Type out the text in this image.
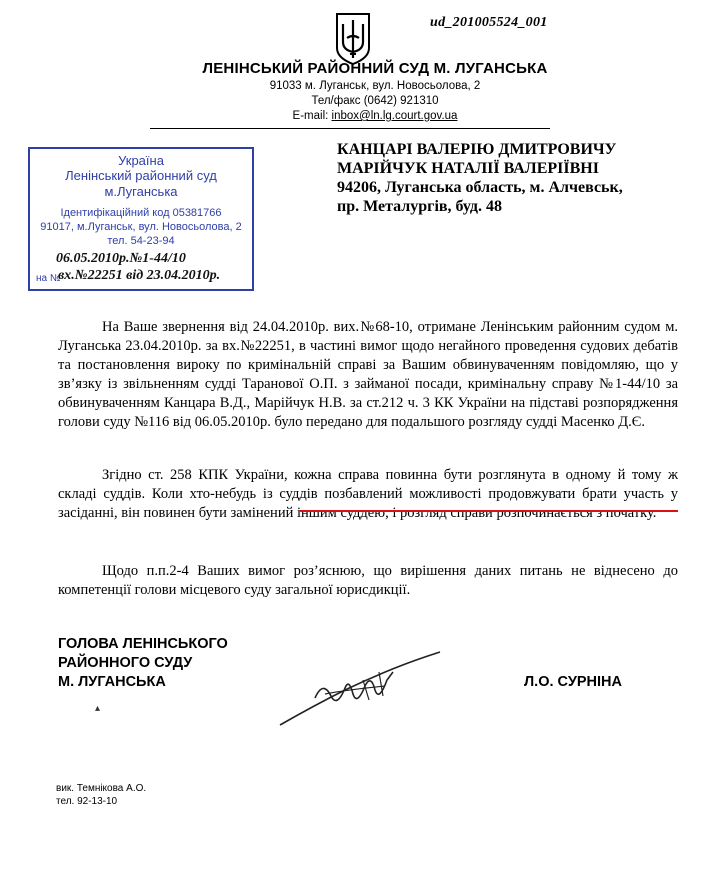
ud_201005524_001
ЛЕНІНСЬКИЙ РАЙОННИЙ СУД М. ЛУГАНСЬКА
91033 м. Луганськ, вул. Новосьолова, 2
Тел/факс (0642) 921310
E-mail: inbox@ln.lg.court.gov.ua
Україна
Ленінський районний суд
м.Луганська
Ідентифікаційний код 05381766
91017, м.Луганськ, вул. Новосьолова, 2
тел. 54-23-94
06.05.2010р.№1-44/10
на №
вх.№22251 від 23.04.2010р.
КАНЦАРІ ВАЛЕРІЮ ДМИТРОВИЧУ
МАРІЙЧУК НАТАЛІЇ ВАЛЕРІЇВНІ
94206, Луганська область, м. Алчевськ,
пр. Металургів, буд. 48
На Ваше звернення від 24.04.2010р. вих.№68-10, отримане Ленінським районним судом м. Луганська 23.04.2010р. за вх.№22251, в частині вимог щодо негайного проведення судових дебатів та постановлення вироку по кримінальній справі за Вашим обвинуваченням повідомляю, що у зв’язку із звільненням судді Таранової О.П. з займаної посади, кримінальну справу №1-44/10 за обвинуваченням Канцара В.Д., Марійчук Н.В. за ст.212 ч. 3 КК України на підставі розпорядження голови суду №116 від 06.05.2010р. було передано для подальшого розгляду судді Масенко Д.Є.
Згідно ст. 258 КПК України, кожна справа повинна бути розглянута в одному й тому ж складі суддів. Коли хто-небудь із суддів позбавлений можливості продовжувати брати участь у засіданні, він повинен бути замінений іншим суддею, і розгляд справи розпочинається з початку.
Щодо п.п.2-4 Ваших вимог роз’яснюю, що вирішення даних питань не віднесено до компетенції голови місцевого суду загальної юрисдикції.
ГОЛОВА ЛЕНІНСЬКОГО
РАЙОННОГО СУДУ
М. ЛУГАНСЬКА	Л.О. СУРНІНА
▴
вик. Темнікова А.О.
тел. 92-13-10
